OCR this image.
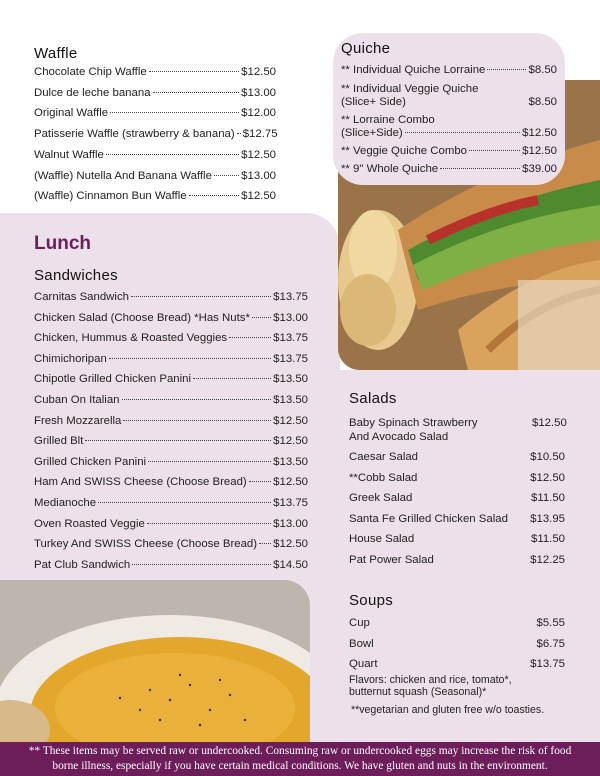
Waffle
Chocolate Chip Waffle	$12.50
Dulce de leche banana	$13.00
Original Waffle	$12.00
Patisserie Waffle (strawberry & banana) $12.75
Walnut Waffle	$12.50
(Waffle) Nutella And Banana Waffle	$13.00
(Waffle) Cinnamon Bun Waffle	$12.50
Quiche
** Individual Quiche Lorraine	$8.50
** Individual Veggie Quiche
(Slice+ Side)	$8.50
** Lorraine Combo
(Slice+Side)	$12.50
** Veggie Quiche Combo	$12.50
** 9" Whole Quiche	$39.00
Lunch
Sandwiches
Carnitas Sandwich	$13.75
Chicken Salad (Choose Bread) *Has Nuts* $13.00
Chicken, Hummus & Roasted Veggies	$13.75
Chimichoripan	$13.75
Chipotle Grilled Chicken Panini	$13.50
Cuban On Italian	$13.50
Fresh Mozzarella	$12.50
Grilled Blt	$12.50
Grilled Chicken Panini	$13.50
Ham And SWISS Cheese (Choose Bread) $12.50
Medianoche	$13.75
Oven Roasted Veggie	$13.00
Turkey And SWISS Cheese (Choose Bread) $12.50
Pat Club Sandwich	$14.50
Salads
Baby Spinach Strawberry
And Avocado Salad
$12.50
Caesar Salad	$10.50
**Cobb Salad	$12.50
Greek Salad	$11.50
Santa Fe Grilled Chicken Salad $13.95
House Salad	$11.50
Pat Power Salad	$12.25
Soups
Cup	$5.55
Bowl	$6.75
Quart	$13.75
Flavors: chicken and rice, tomato*,
butternut squash (Seasonal)*
**vegetarian and gluten free w/o toasties.
** These items may be served raw or undercooked. Consuming raw or undercooked eggs may increase the risk of food
borne illness, especially if you have certain medical conditions. We have gluten and nuts in the environment.
